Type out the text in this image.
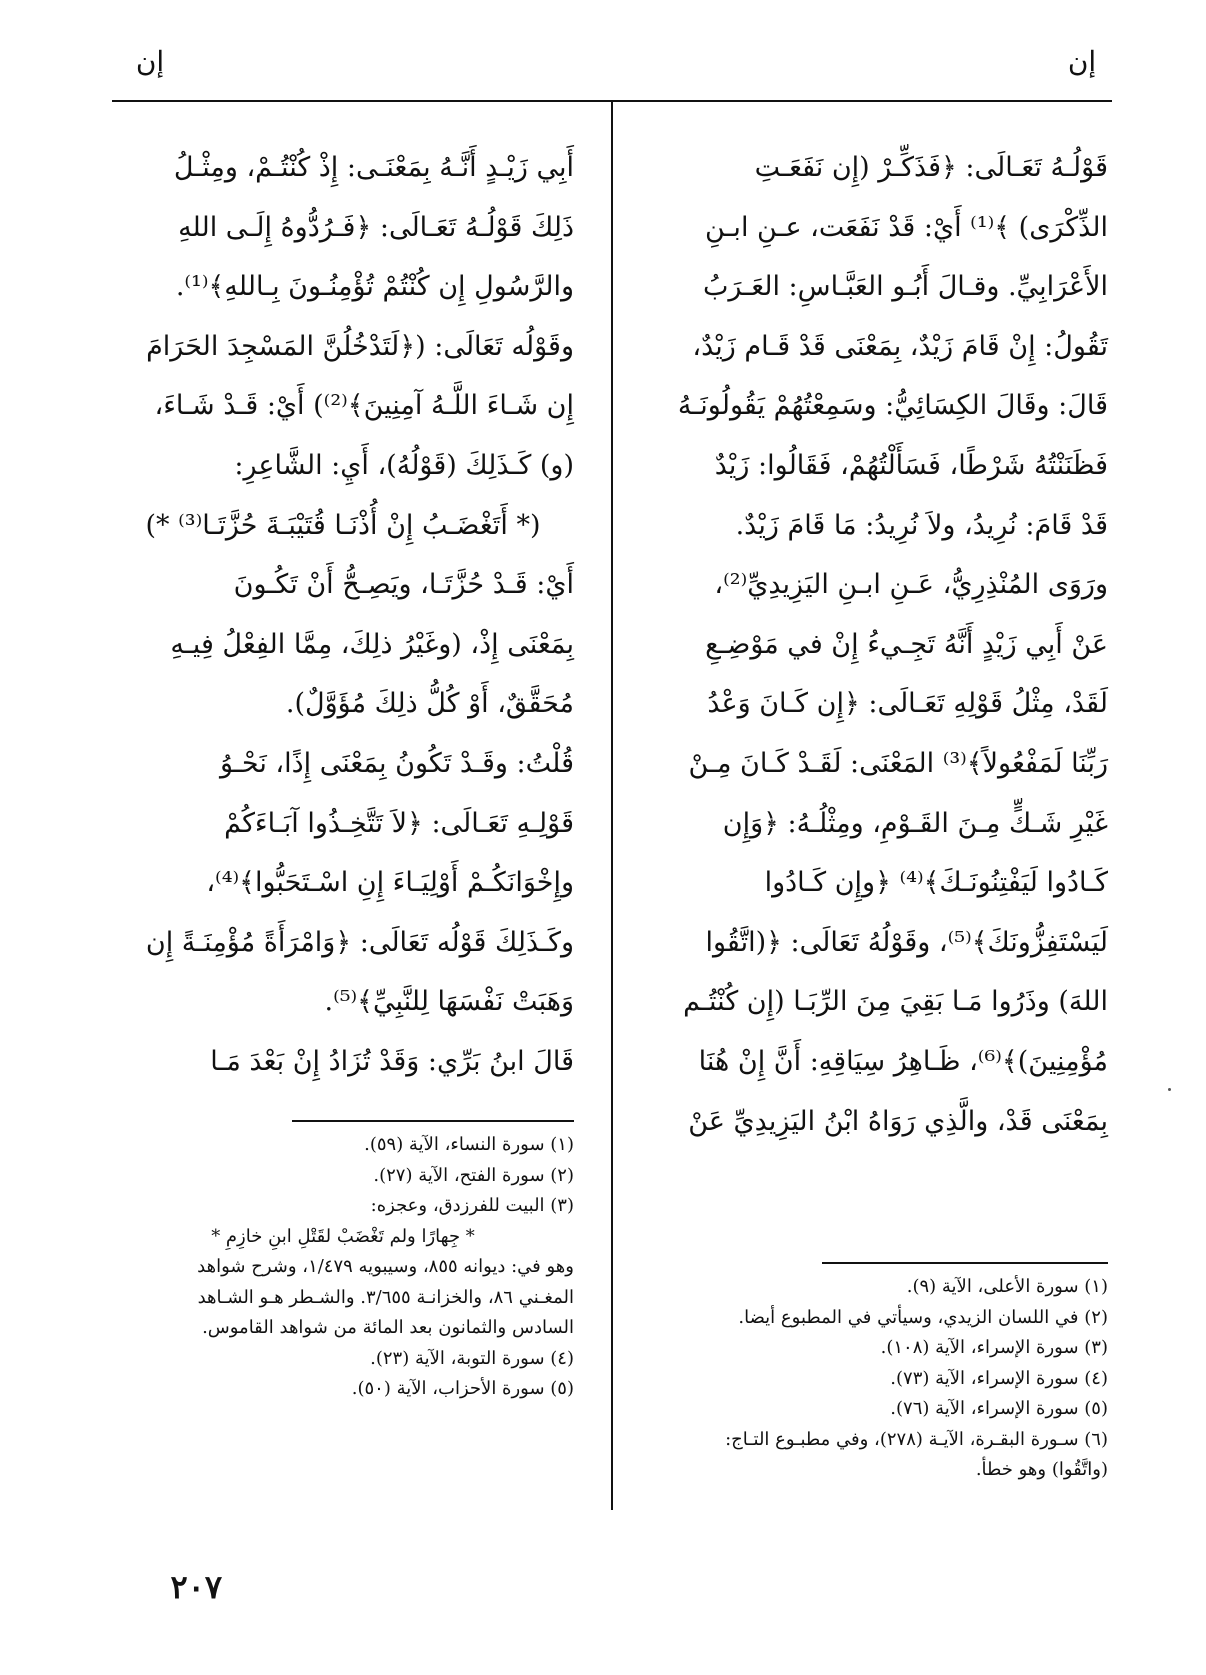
إن
إن

قَوْلُـهُ تَعَـالَى: ﴿فَذَكِّـرْ (إِن نَفَعَـتِ

الذِّكْرَى) ﴾⁽¹⁾ أَيْ: قَدْ نَفَعَت، عـنِ ابـنِ

الأَعْرَابِيِّ. وقـالَ أَبُـو العَبَّـاسِ: العَـرَبُ

تَقُولُ: إِنْ قَامَ زَيْدٌ، بِمَعْنَى قَدْ قَـام زَيْدٌ،

قَالَ: وقَالَ الكِسَائِيُّ: وسَمِعْتُهُمْ يَقُولُونَـهُ

فَظَنَنْتُهُ شَرْطًا، فَسَأَلْتُهُمْ، فَقَالُوا: زَيْدٌ

قَدْ قَامَ: نُرِيدُ، ولاَ نُرِيدُ: مَا قَامَ زَيْدٌ.

ورَوَى المُنْذِرِيُّ، عَـنِ ابـنِ اليَزِيدِيِّ⁽²⁾،

عَنْ أَبِي زَيْدٍ أَنَّهُ تَجِـيءُ إِنْ في مَوْضِـعِ

لَقَدْ، مِثْلُ قَوْلِهِ تَعَـالَى: ﴿إِن كَـانَ وَعْدُ

رَبِّنَا لَمَفْعُولاً﴾⁽³⁾ المَعْنَى: لَقَـدْ كَـانَ مِـنْ

غَيْرِ شَـكٍّ مِـنَ القَـوْمِ، ومِثْلُـهُ: ﴿وَإِن

كَـادُوا لَيَفْتِنُونَـكَ﴾⁽⁴⁾ ﴿وإِن كَـادُوا

لَيَسْتَفِزُّونَكَ﴾⁽⁵⁾، وقَوْلُهُ تَعَالَى: ﴿(اتَّقُوا

اللهَ) وذَرُوا مَـا بَقِيَ مِنَ الرِّبَـا (إِن كُنْتُـم

مُؤْمِنِينَ)﴾⁽⁶⁾، ظَـاهِرُ سِيَاقِهِ: أَنَّ إِنْ هُنَا

بِمَعْنَى قَدْ، والَّذِي رَوَاهُ ابْنُ اليَزِيدِيِّ عَنْ

أَبِي زَيْـدٍ أَنَّـهُ بِمَعْنَـى: إِذْ كُنْتُـمْ، ومِثْـلُ

ذَلِكَ قَوْلُـهُ تَعَـالَى: ﴿فَـرُدُّوهُ إِلَـى اللهِ

والرَّسُولِ إِن كُنْتُمْ تُؤْمِنُـونَ بِـاللهِ﴾⁽¹⁾.

وقَوْلُه تَعَالَى: (﴿لَتَدْخُلُنَّ المَسْجِدَ الحَرَامَ

إِن شَـاءَ اللَّـهُ آمِنِينَ﴾⁽²⁾) أَيْ: قَـدْ شَـاءَ،

(و) كَـذَلِكَ (قَوْلُهُ)، أَيِ: الشَّاعِرِ:

(* أَتَغْضَـبُ إِنْ أُذْنَـا قُتَيْبَـةَ حُزَّتَـا⁽³⁾ *)

أَيْ: قَـدْ حُزَّتَـا، ويَصِـحُّ أَنْ تَكُـونَ

بِمَعْنَى إِذْ، (وغَيْرُ ذلِكَ، مِمَّا الفِعْلُ فِيـهِ

مُحَقَّقٌ، أَوْ كُلُّ ذلِكَ مُؤَوَّلٌ).

قُلْتُ: وقَـدْ تَكُونُ بِمَعْنَى إِذًا، نَحْـوُ

قَوْلِـهِ تَعَـالَى: ﴿لاَ تَتَّخِـذُوا آبَـاءَكُمْ

وإِخْوَانَكُـمْ أَوْلِيَـاءَ إِنِ اسْـتَحَبُّوا﴾⁽⁴⁾،

وكَـذَلِكَ قَوْلُه تَعَالَى: ﴿وَامْرَأَةً مُؤْمِنَـةً إِن

وَهَبَتْ نَفْسَهَا لِلنَّبِيِّ﴾⁽⁵⁾.

قَالَ ابنُ بَرِّي: وَقَدْ تُزَادُ إِنْ بَعْدَ مَـا

(١) سورة الأعلى، الآية (٩).
(٢) في اللسان الزيدي، وسيأتي في المطبوع أيضا.
(٣) سورة الإسراء، الآية (١٠٨).
(٤) سورة الإسراء، الآية (٧٣).
(٥) سورة الإسراء، الآية (٧٦).
(٦) سـورة البقـرة، الآيـة (٢٧٨)، وفي مطبـوع التـاج:
(واتَّقُوا) وهو خطأ.
(١) سورة النساء، الآية (٥٩).
(٢) سورة الفتح، الآية (٢٧).
(٣) البيت للفرزدق، وعجزه:
* جِهارًا ولم تَغْضَبْ لقَتْلِ ابنِ خازِمِ *
وهو في: ديوانه ٨٥٥، وسيبويه ١/٤٧٩، وشرح شواهد
المغـني ٨٦، والخزانـة ٣/٦٥٥. والشـطر هـو الشـاهد
السادس والثمانون بعد المائة من شواهد القاموس.
(٤) سورة التوبة، الآية (٢٣).
(٥) سورة الأحزاب، الآية (٥٠).
٢٠٧
